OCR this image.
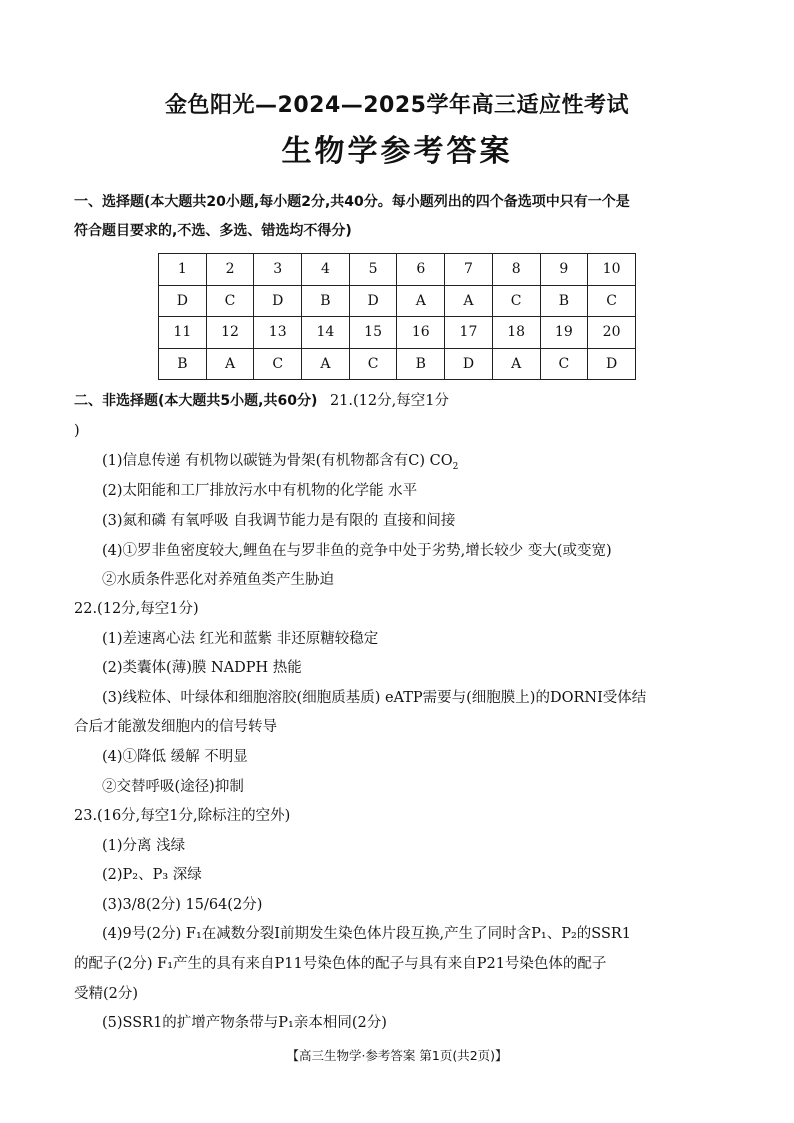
金色阳光—2024—2025学年高三适应性考试
生物学参考答案
一、选择题(本大题共20小题,每小题2分,共40分。每小题列出的四个备选项中只有一个是
符合题目要求的,不选、多选、错选均不得分)
1	2	3	4	5	6	7	8	9	10
D	C	D	B	D	A	A	C	B	C
11	12	13	14	15	16	17	18	19	20
B	A	C	A	C	B	D	A	C	D
二、非选择题(本大题共5小题,共60分) 21.(12分,每空1分
)
(1)信息传递 有机物以碳链为骨架(有机物都含有C) $CO_2$
(2)太阳能和工厂排放污水中有机物的化学能 水平
(3)氮和磷 有氧呼吸 自我调节能力是有限的 直接和间接
(4)①罗非鱼密度较大,鲤鱼在与罗非鱼的竞争中处于劣势,增长较少 变大(或变宽)
②水质条件恶化对养殖鱼类产生胁迫
22.(12分,每空1分)
(1)差速离心法 红光和蓝紫 非还原糖较稳定
(2)类囊体(薄)膜 NADPH 热能
(3)线粒体、叶绿体和细胞溶胶(细胞质基质) eATP需要与(细胞膜上)的DORNI受体结
合后才能激发细胞内的信号转导
(4)①降低 缓解 不明显
②交替呼吸(途径)抑制
23.(16分,每空1分,除标注的空外)
(1)分离 浅绿
(2)P₂、P₃ 深绿
(3)3/8(2分) 15/64(2分)
(4)9号(2分) F₁在减数分裂Ⅰ前期发生染色体片段互换,产生了同时含P₁、P₂的SSR1
的配子(2分) F₁产生的具有来自P11号染色体的配子与具有来自P21号染色体的配子
受精(2分)
(5)SSR1的扩增产物条带与P₁亲本相同(2分)
【高三生物学·参考答案 第1页(共2页)】
